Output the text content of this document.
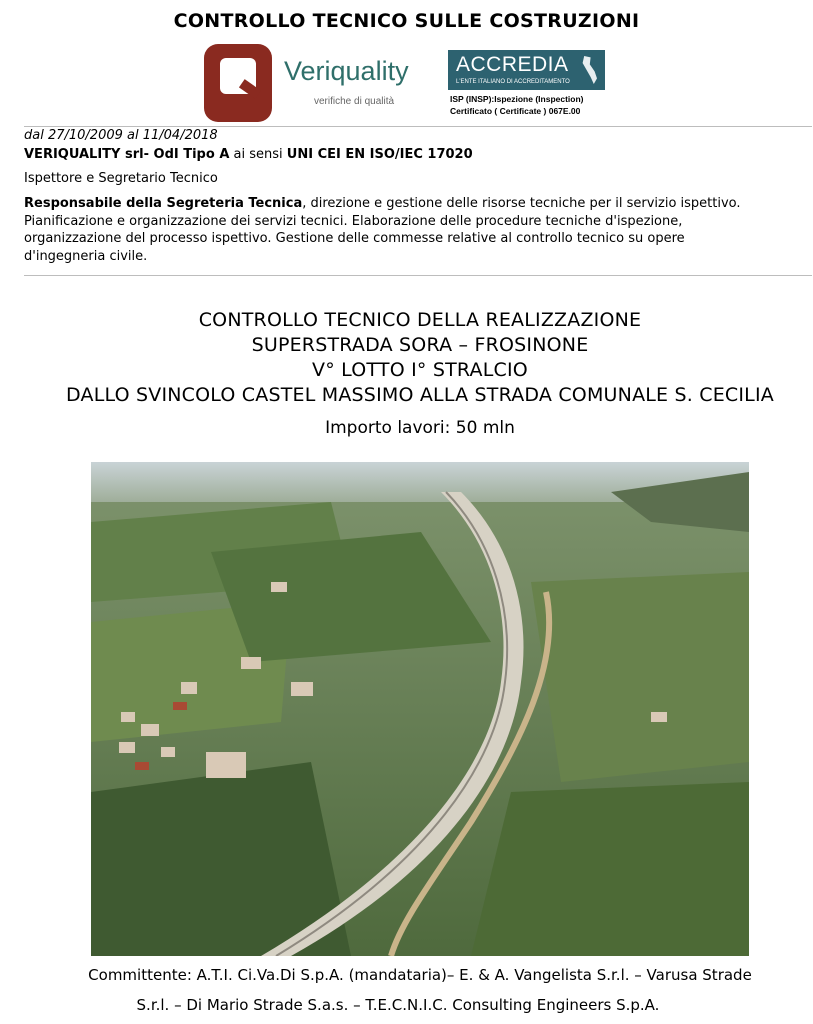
CONTROLLO TECNICO SULLE COSTRUZIONI
Veriquality
verifiche di qualità
ACCREDIA
L'ENTE ITALIANO DI ACCREDITAMENTO
ISP (INSP):Ispezione (Inspection)
Certificato ( Certificate ) 067E.00
dal 27/10/2009 al 11/04/2018
VERIQUALITY srl- OdI Tipo A ai sensi UNI CEI EN ISO/IEC 17020
Ispettore e Segretario Tecnico
Responsabile della Segreteria Tecnica, direzione e gestione delle risorse tecniche per il servizio ispettivo.
Pianificazione e organizzazione dei servizi tecnici. Elaborazione delle procedure tecniche d'ispezione,
organizzazione del processo ispettivo. Gestione delle commesse relative al controllo tecnico su opere
d'ingegneria civile.
CONTROLLO TECNICO DELLA REALIZZAZIONE
SUPERSTRADA SORA – FROSINONE
V° LOTTO I° STRALCIO
DALLO SVINCOLO CASTEL MASSIMO ALLA STRADA COMUNALE S. CECILIA
Importo lavori: 50 mln
Committente: A.T.I. Ci.Va.Di S.p.A. (mandataria)– E. & A. Vangelista S.r.l. – Varusa Strade
S.r.l. – Di Mario Strade S.a.s. – T.E.C.N.I.C. Consulting Engineers S.p.A.
